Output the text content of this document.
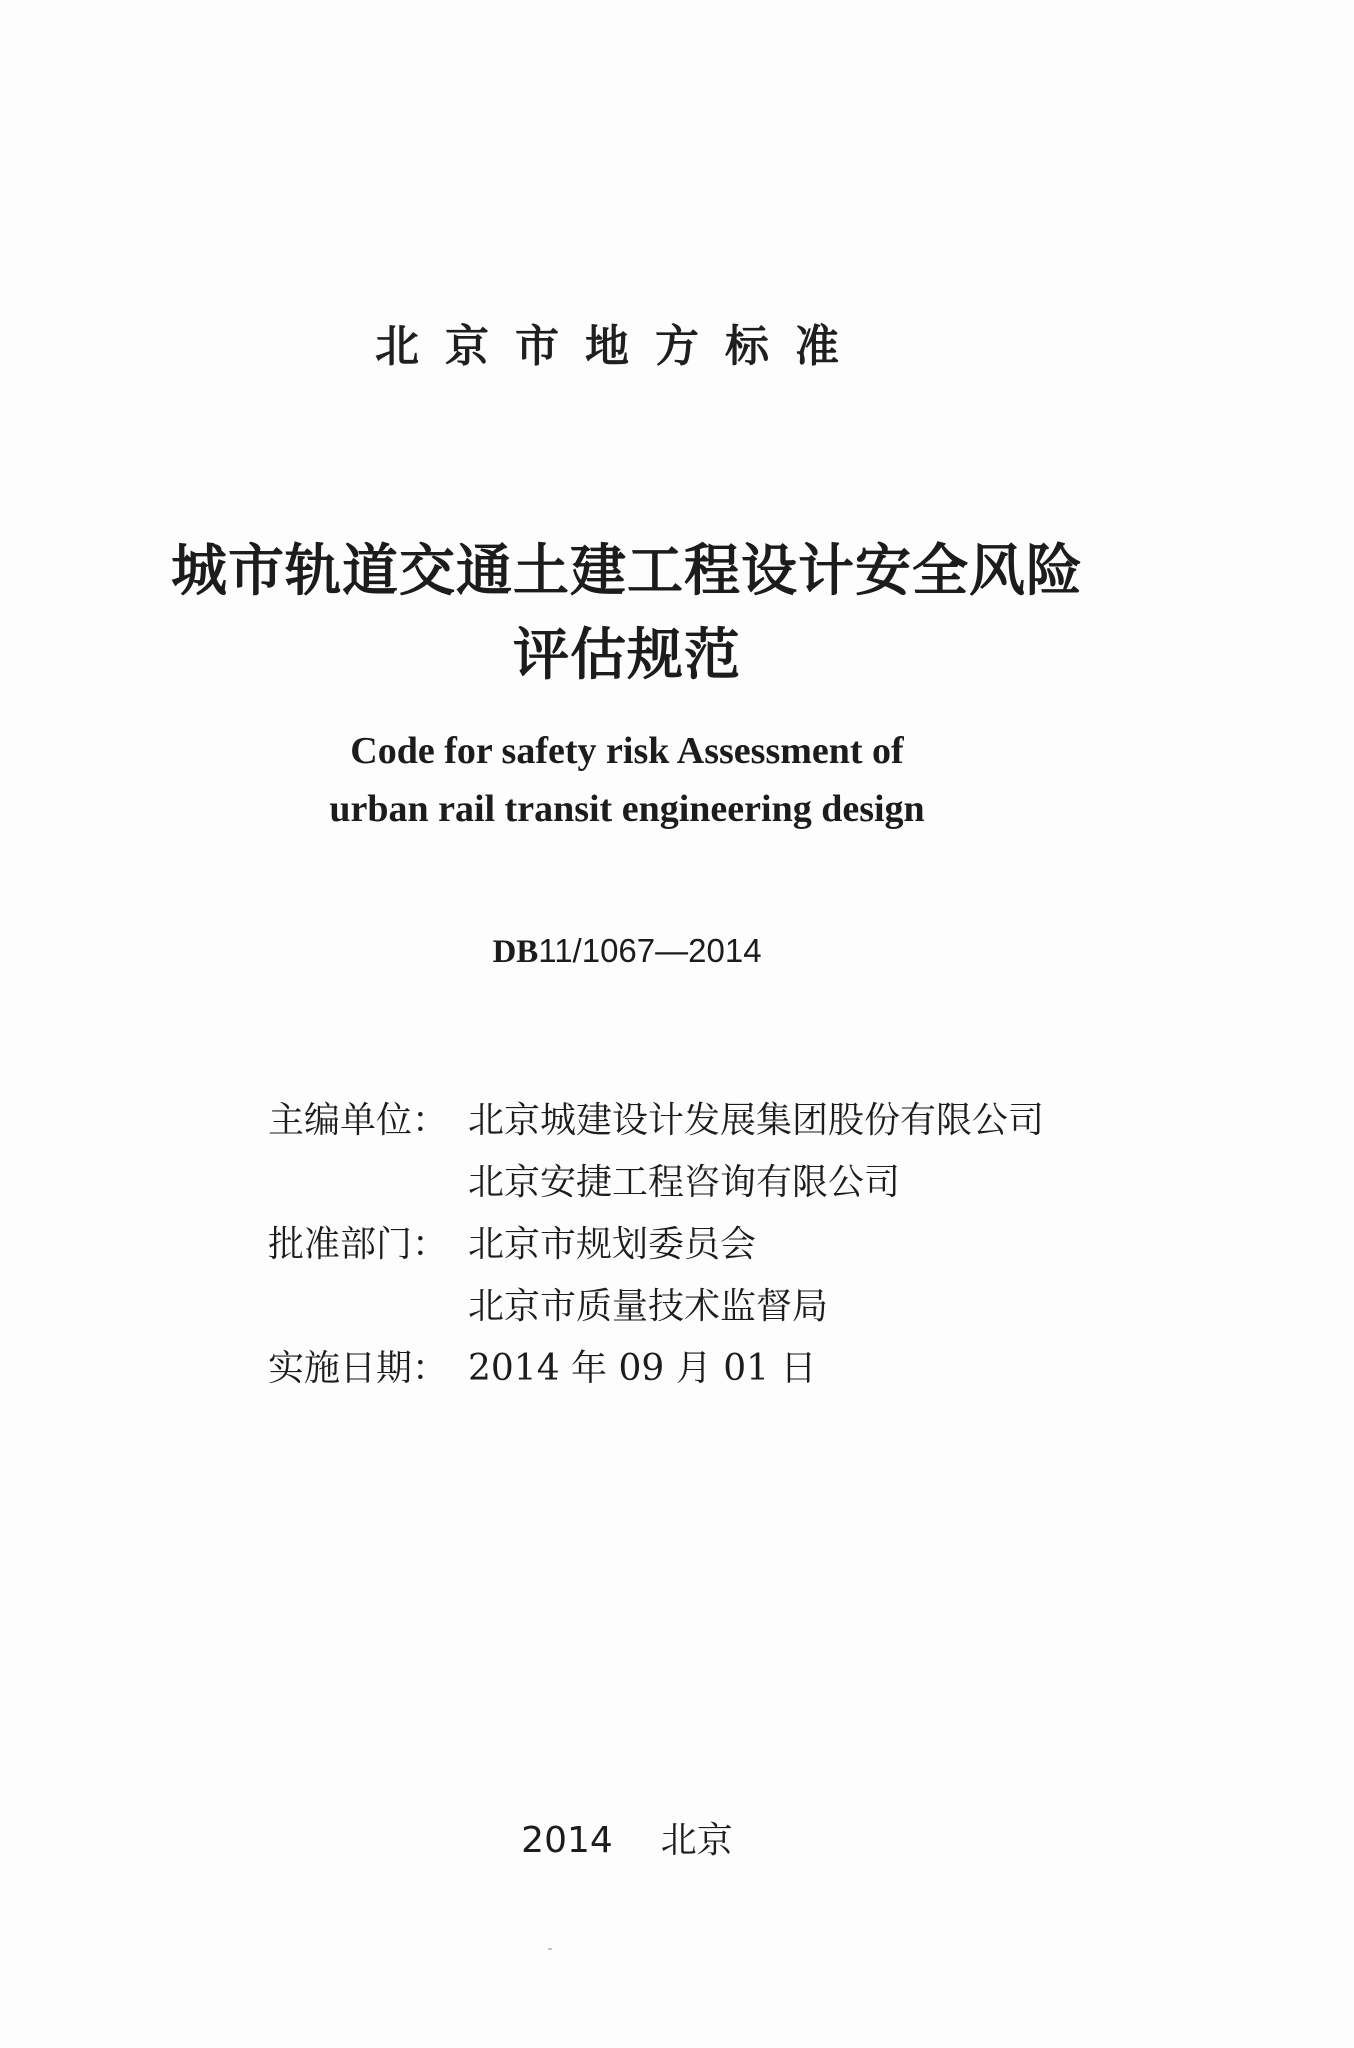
北京市地方标准
城市轨道交通土建工程设计安全风险
评估规范
Code for safety risk Assessment of
urban rail transit engineering design
DB11/1067—2014
主编单位： 北京城建设计发展集团股份有限公司
北京安捷工程咨询有限公司
批准部门： 北京市规划委员会
北京市质量技术监督局
实施日期： 2014 年 09 月 01 日
2014 北京
